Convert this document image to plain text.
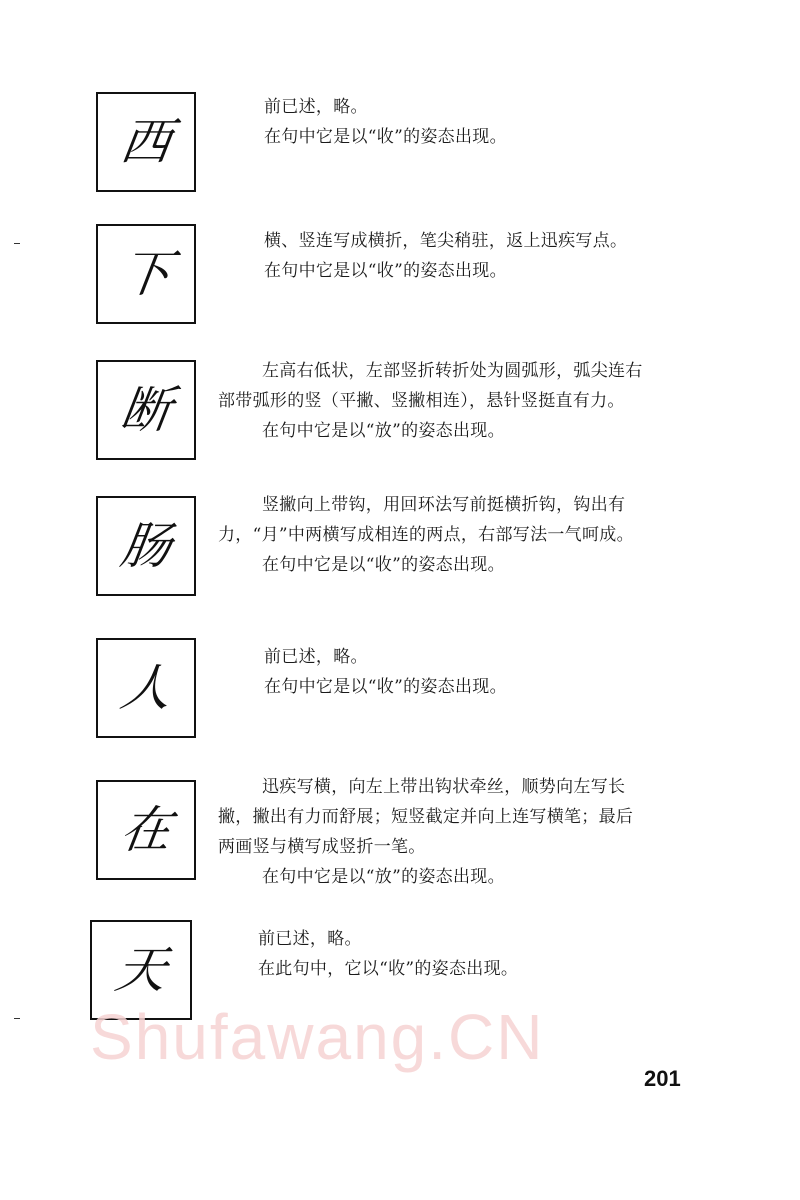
西
前已述，略。
在句中它是以“收”的姿态出现。
下
横、竖连写成横折，笔尖稍驻，返上迅疾写点。
在句中它是以“收”的姿态出现。
断
左高右低状，左部竖折转折处为圆弧形，弧尖连右
部带弧形的竖（平撇、竖撇相连），悬针竖挺直有力。
在句中它是以“放”的姿态出现。
肠
竖撇向上带钩，用回环法写前挺横折钩，钩出有
力，“月”中两横写成相连的两点，右部写法一气呵成。
在句中它是以“收”的姿态出现。
人
前已述，略。
在句中它是以“收”的姿态出现。
在
迅疾写横，向左上带出钩状牵丝，顺势向左写长
撇，撇出有力而舒展；短竖截定并向上连写横笔；最后
两画竖与横写成竖折一笔。
在句中它是以“放”的姿态出现。
天
前已述，略。
在此句中，它以“收”的姿态出现。
Shufawang.CN
201
